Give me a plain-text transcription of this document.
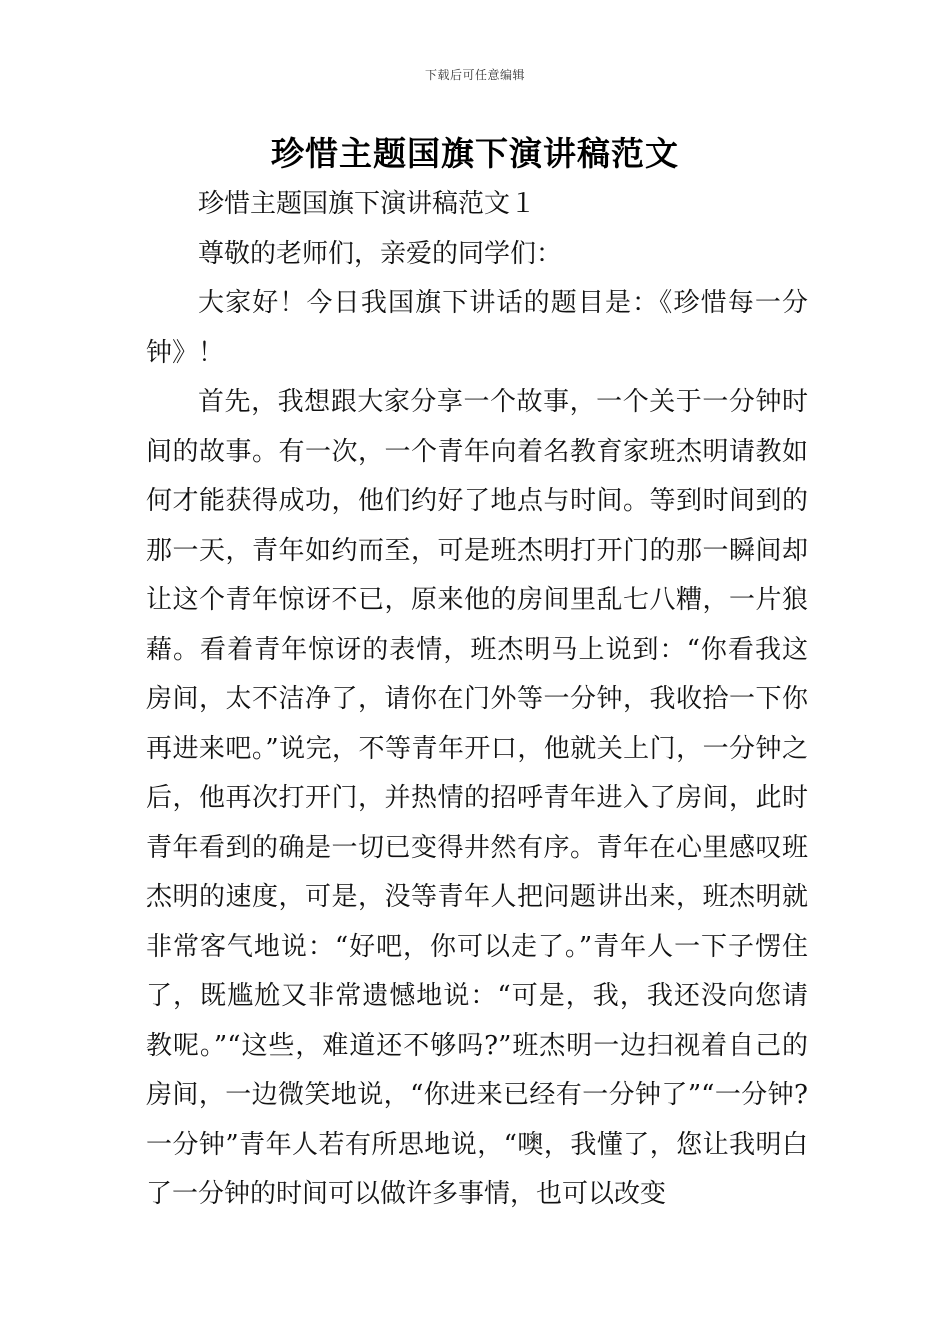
下载后可任意编辑
珍惜主题国旗下演讲稿范文

珍惜主题国旗下演讲稿范文１

尊敬的老师们，亲爱的同学们：

大家好！今日我国旗下讲话的题目是：《珍惜每一分钟》！

首先，我想跟大家分享一个故事，一个关于一分钟时间的故事。有一次，一个青年向着名教育家班杰明请教如何才能获得成功，他们约好了地点与时间。等到时间到的那一天，青年如约而至，可是班杰明打开门的那一瞬间却让这个青年惊讶不已，原来他的房间里乱七八糟，一片狼藉。看着青年惊讶的表情，班杰明马上说到：“你看我这房间，太不洁净了，请你在门外等一分钟，我收拾一下你再进来吧。”说完，不等青年开口，他就关上门，一分钟之后，他再次打开门，并热情的招呼青年进入了房间，此时青年看到的确是一切已变得井然有序。青年在心里感叹班杰明的速度，可是，没等青年人把问题讲出来，班杰明就非常客气地说：“好吧，你可以走了。”青年人一下子愣住了，既尴尬又非常遗憾地说：“可是，我，我还没向您请教呢。”“这些，难道还不够吗?”班杰明一边扫视着自己的房间，一边微笑地说，“你进来已经有一分钟了”“一分钟?一分钟”青年人若有所思地说，“噢，我懂了，您让我明白了一分钟的时间可以做许多事情，也可以改变
